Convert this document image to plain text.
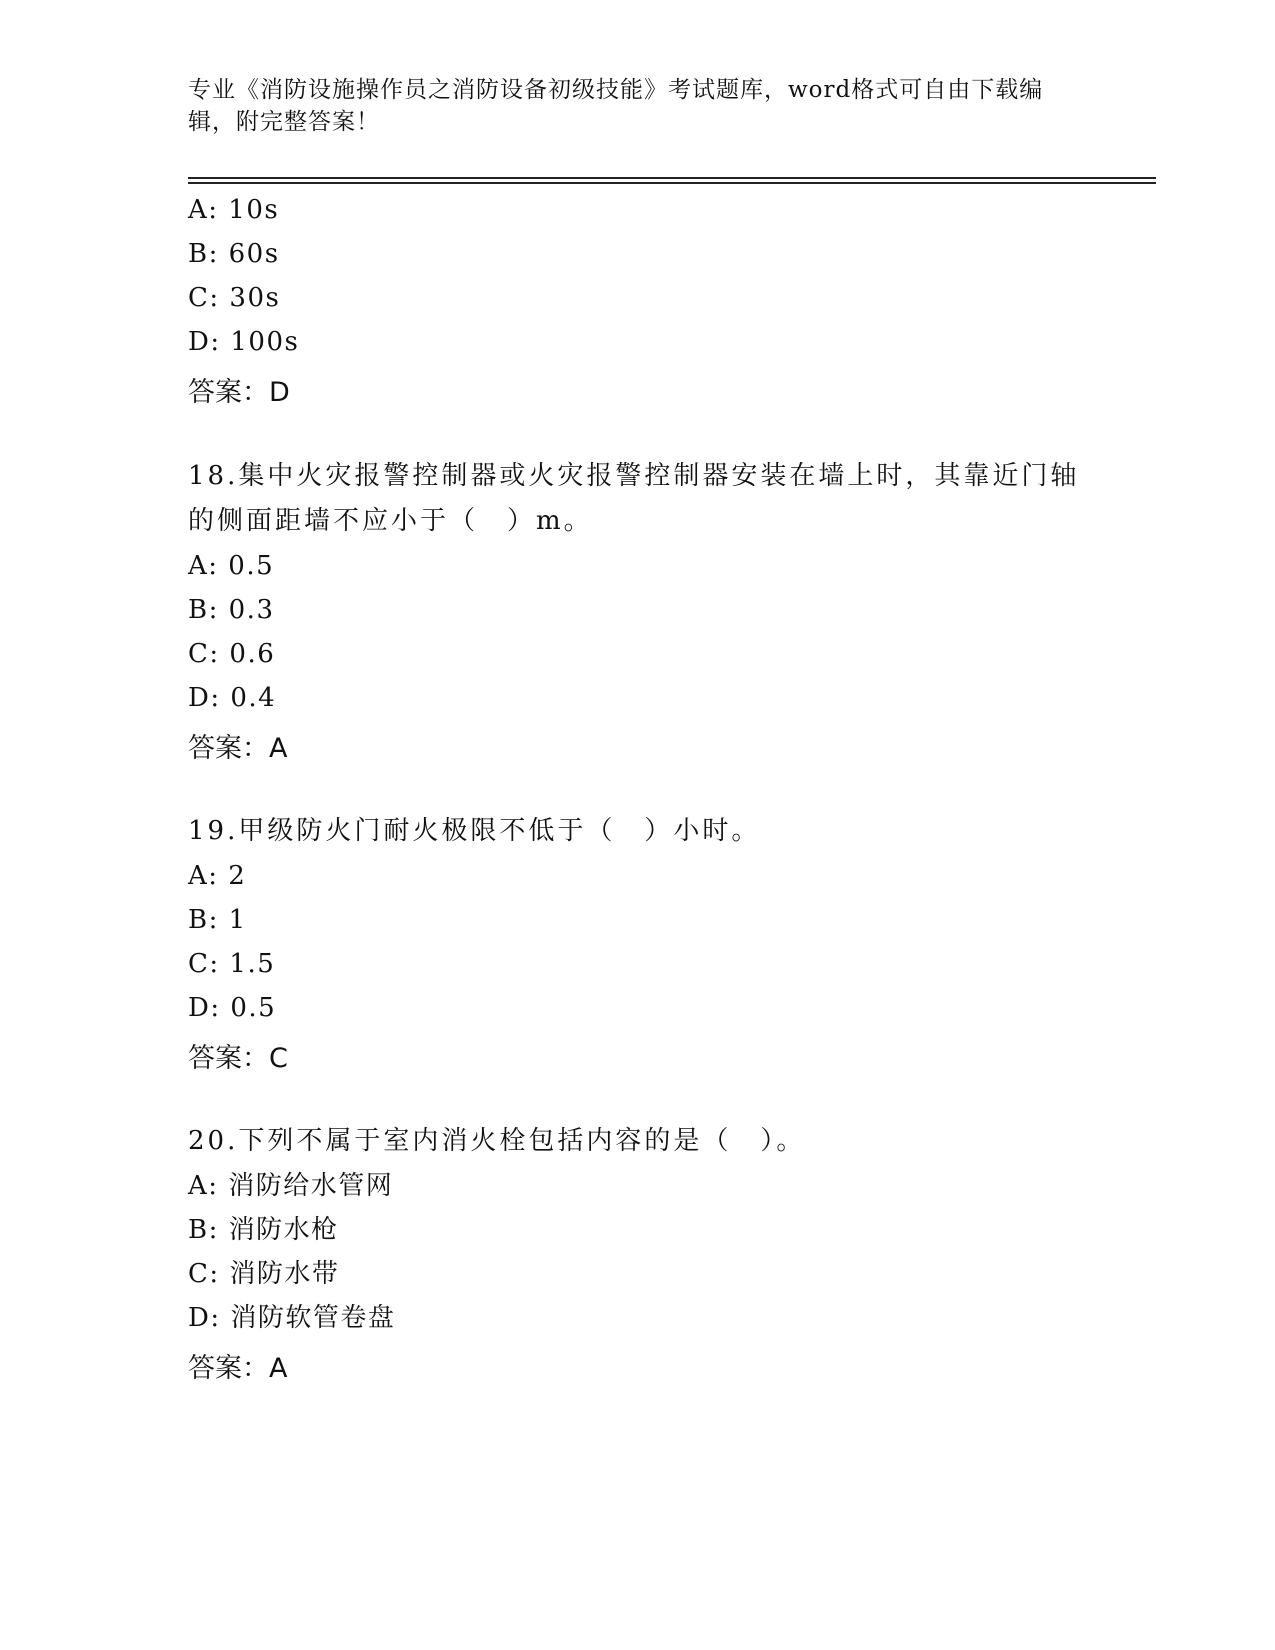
专业《消防设施操作员之消防设备初级技能》考试题库，word格式可自由下载编
辑，附完整答案！
A: 10s
B: 60s
C: 30s
D: 100s
答案：D
18.集中火灾报警控制器或火灾报警控制器安装在墙上时，其靠近门轴
的侧面距墙不应小于（　）m。
A: 0.5
B: 0.3
C: 0.6
D: 0.4
答案：A
19.甲级防火门耐火极限不低于（　）小时。
A: 2
B: 1
C: 1.5
D: 0.5
答案：C
20.下列不属于室内消火栓包括内容的是（　）。
A: 消防给水管网
B: 消防水枪
C: 消防水带
D: 消防软管卷盘
答案：A
